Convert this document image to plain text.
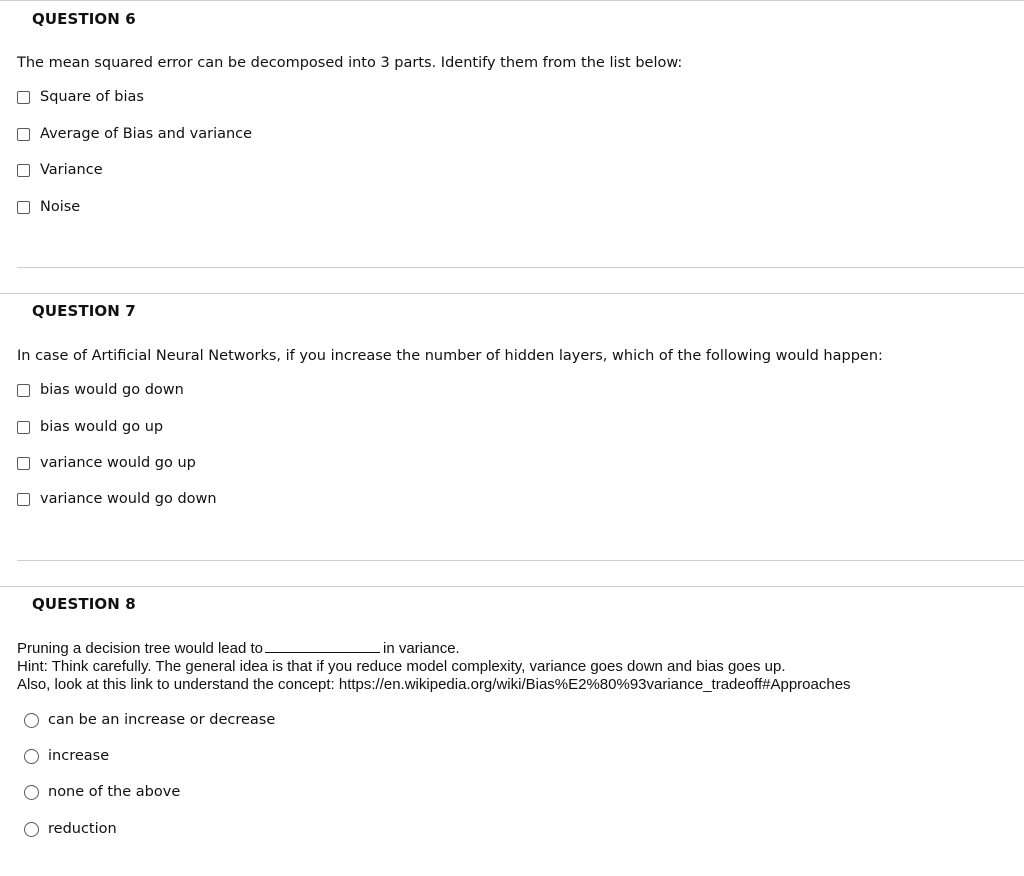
QUESTION 6
The mean squared error can be decomposed into 3 parts. Identify them from the list below:
Square of bias
Average of Bias and variance
Variance
Noise
QUESTION 7
In case of Artificial Neural Networks, if you increase the number of hidden layers, which of the following would happen:
bias would go down
bias would go up
variance would go up
variance would go down
QUESTION 8
Pruning a decision tree would lead to	in variance.
Hint: Think carefully. The general idea is that if you reduce model complexity, variance goes down and bias goes up.
Also, look at this link to understand the concept: https://en.wikipedia.org/wiki/Bias%E2%80%93variance_tradeoff#Approaches
can be an increase or decrease
increase
none of the above
reduction
